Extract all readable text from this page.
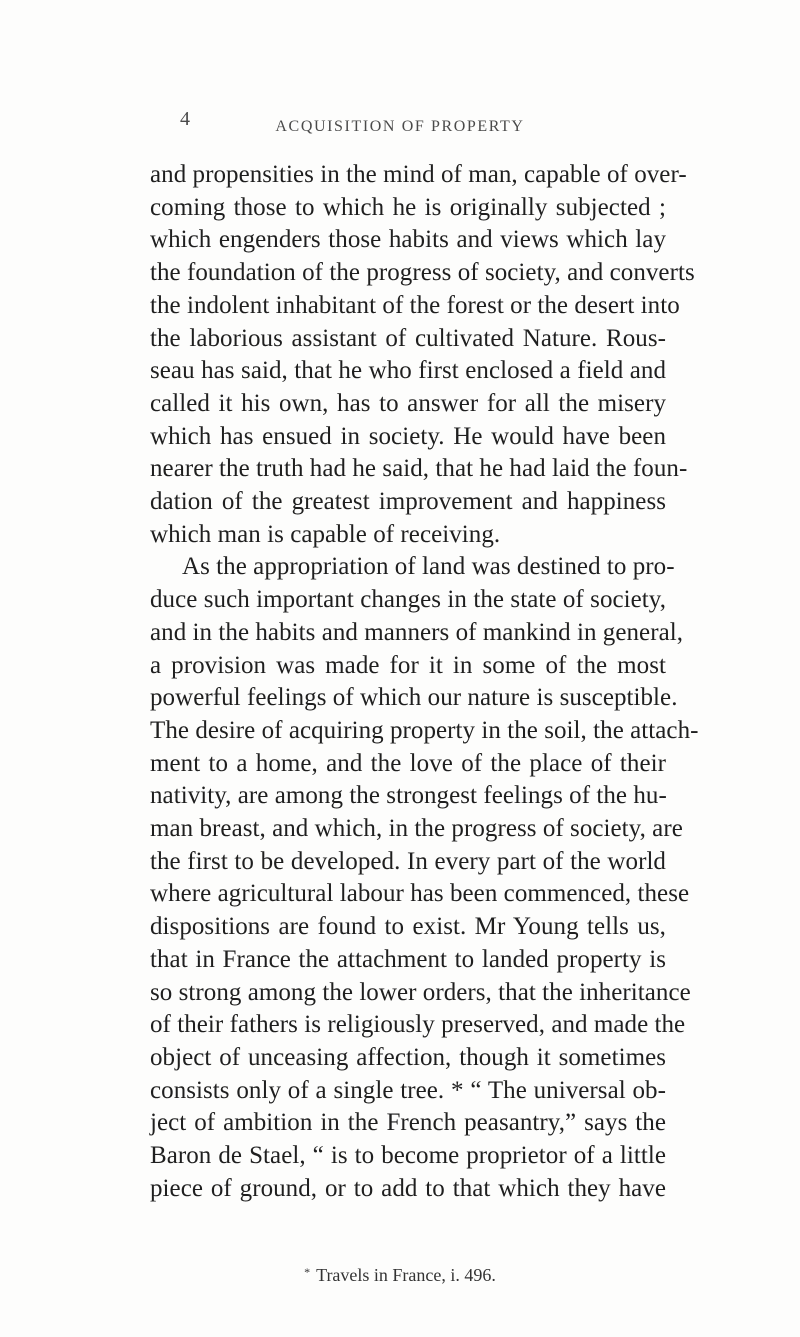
4	ACQUISITION OF PROPERTY
and propensities in the mind of man, capable of over-
coming those to which he is originally subjected ;
which engenders those habits and views which lay
the foundation of the progress of society, and converts
the indolent inhabitant of the forest or the desert into
the laborious assistant of cultivated Nature. Rous-
seau has said, that he who first enclosed a field and
called it his own, has to answer for all the misery
which has ensued in society. He would have been
nearer the truth had he said, that he had laid the foun-
dation of the greatest improvement and happiness
which man is capable of receiving.
As the appropriation of land was destined to pro-
duce such important changes in the state of society,
and in the habits and manners of mankind in general,
a provision was made for it in some of the most
powerful feelings of which our nature is susceptible.
The desire of acquiring property in the soil, the attach-
ment to a home, and the love of the place of their
nativity, are among the strongest feelings of the hu-
man breast, and which, in the progress of society, are
the first to be developed. In every part of the world
where agricultural labour has been commenced, these
dispositions are found to exist. Mr Young tells us,
that in France the attachment to landed property is
so strong among the lower orders, that the inheritance
of their fathers is religiously preserved, and made the
object of unceasing affection, though it sometimes
consists only of a single tree. * “ The universal ob-
ject of ambition in the French peasantry,” says the
Baron de Stael, “ is to become proprietor of a little
piece of ground, or to add to that which they have
* Travels in France, i. 496.
